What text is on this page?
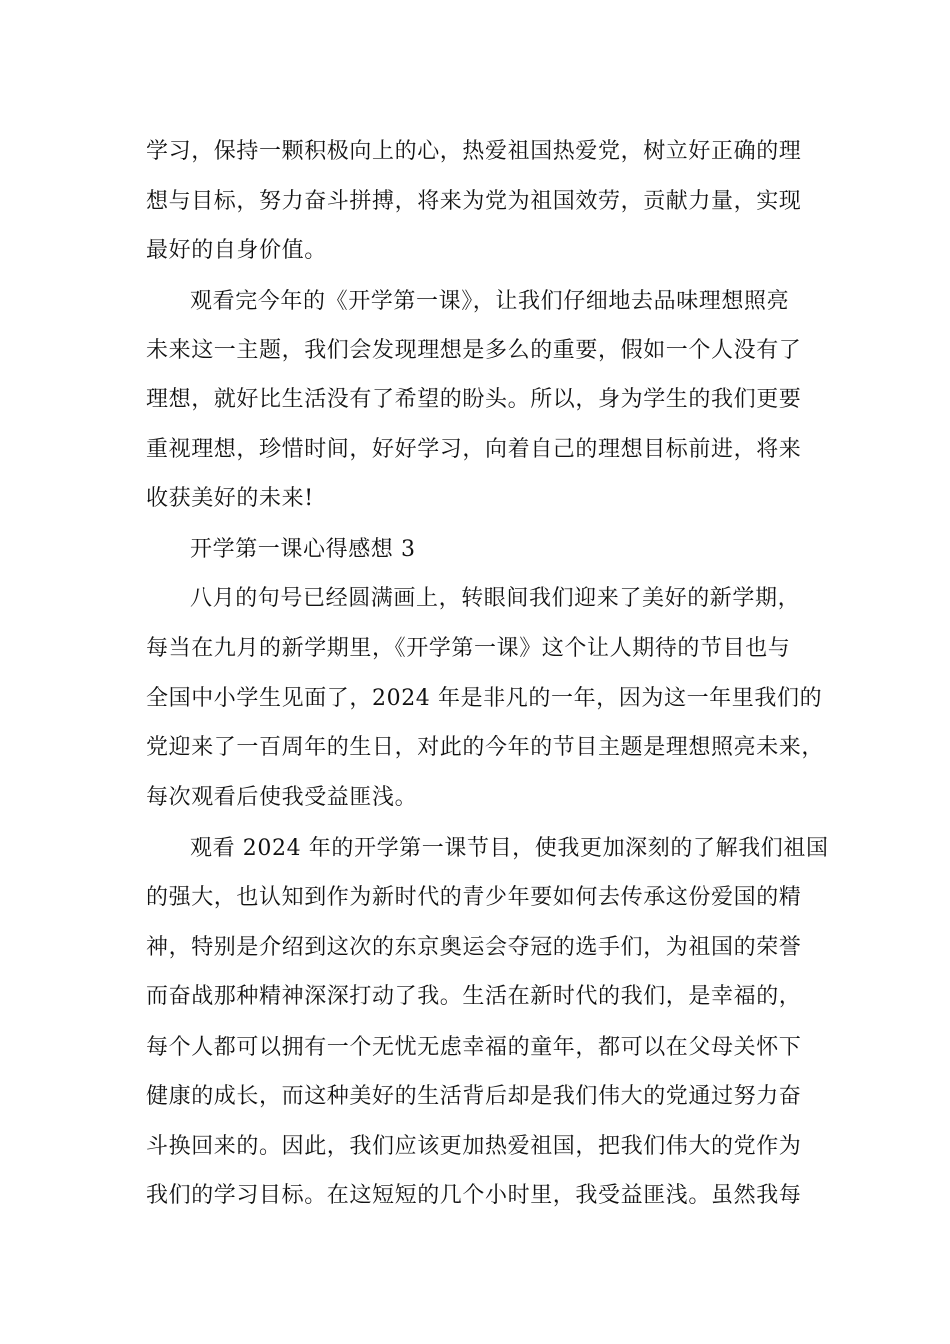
学习，保持一颗积极向上的心，热爱祖国热爱党，树立好正确的理
想与目标，努力奋斗拼搏，将来为党为祖国效劳，贡献力量，实现
最好的自身价值。
观看完今年的《开学第一课》，让我们仔细地去品味理想照亮
未来这一主题，我们会发现理想是多么的重要，假如一个人没有了
理想，就好比生活没有了希望的盼头。所以，身为学生的我们更要
重视理想，珍惜时间，好好学习，向着自己的理想目标前进，将来
收获美好的未来!
开学第一课心得感想 3
八月的句号已经圆满画上，转眼间我们迎来了美好的新学期，
每当在九月的新学期里，《开学第一课》这个让人期待的节目也与
全国中小学生见面了，2024 年是非凡的一年，因为这一年里我们的
党迎来了一百周年的生日，对此的今年的节目主题是理想照亮未来，
每次观看后使我受益匪浅。
观看 2024 年的开学第一课节目，使我更加深刻的了解我们祖国
的强大，也认知到作为新时代的青少年要如何去传承这份爱国的精
神，特别是介绍到这次的东京奥运会夺冠的选手们，为祖国的荣誉
而奋战那种精神深深打动了我。生活在新时代的我们，是幸福的，
每个人都可以拥有一个无忧无虑幸福的童年，都可以在父母关怀下
健康的成长，而这种美好的生活背后却是我们伟大的党通过努力奋
斗换回来的。因此，我们应该更加热爱祖国，把我们伟大的党作为
我们的学习目标。在这短短的几个小时里，我受益匪浅。虽然我每
